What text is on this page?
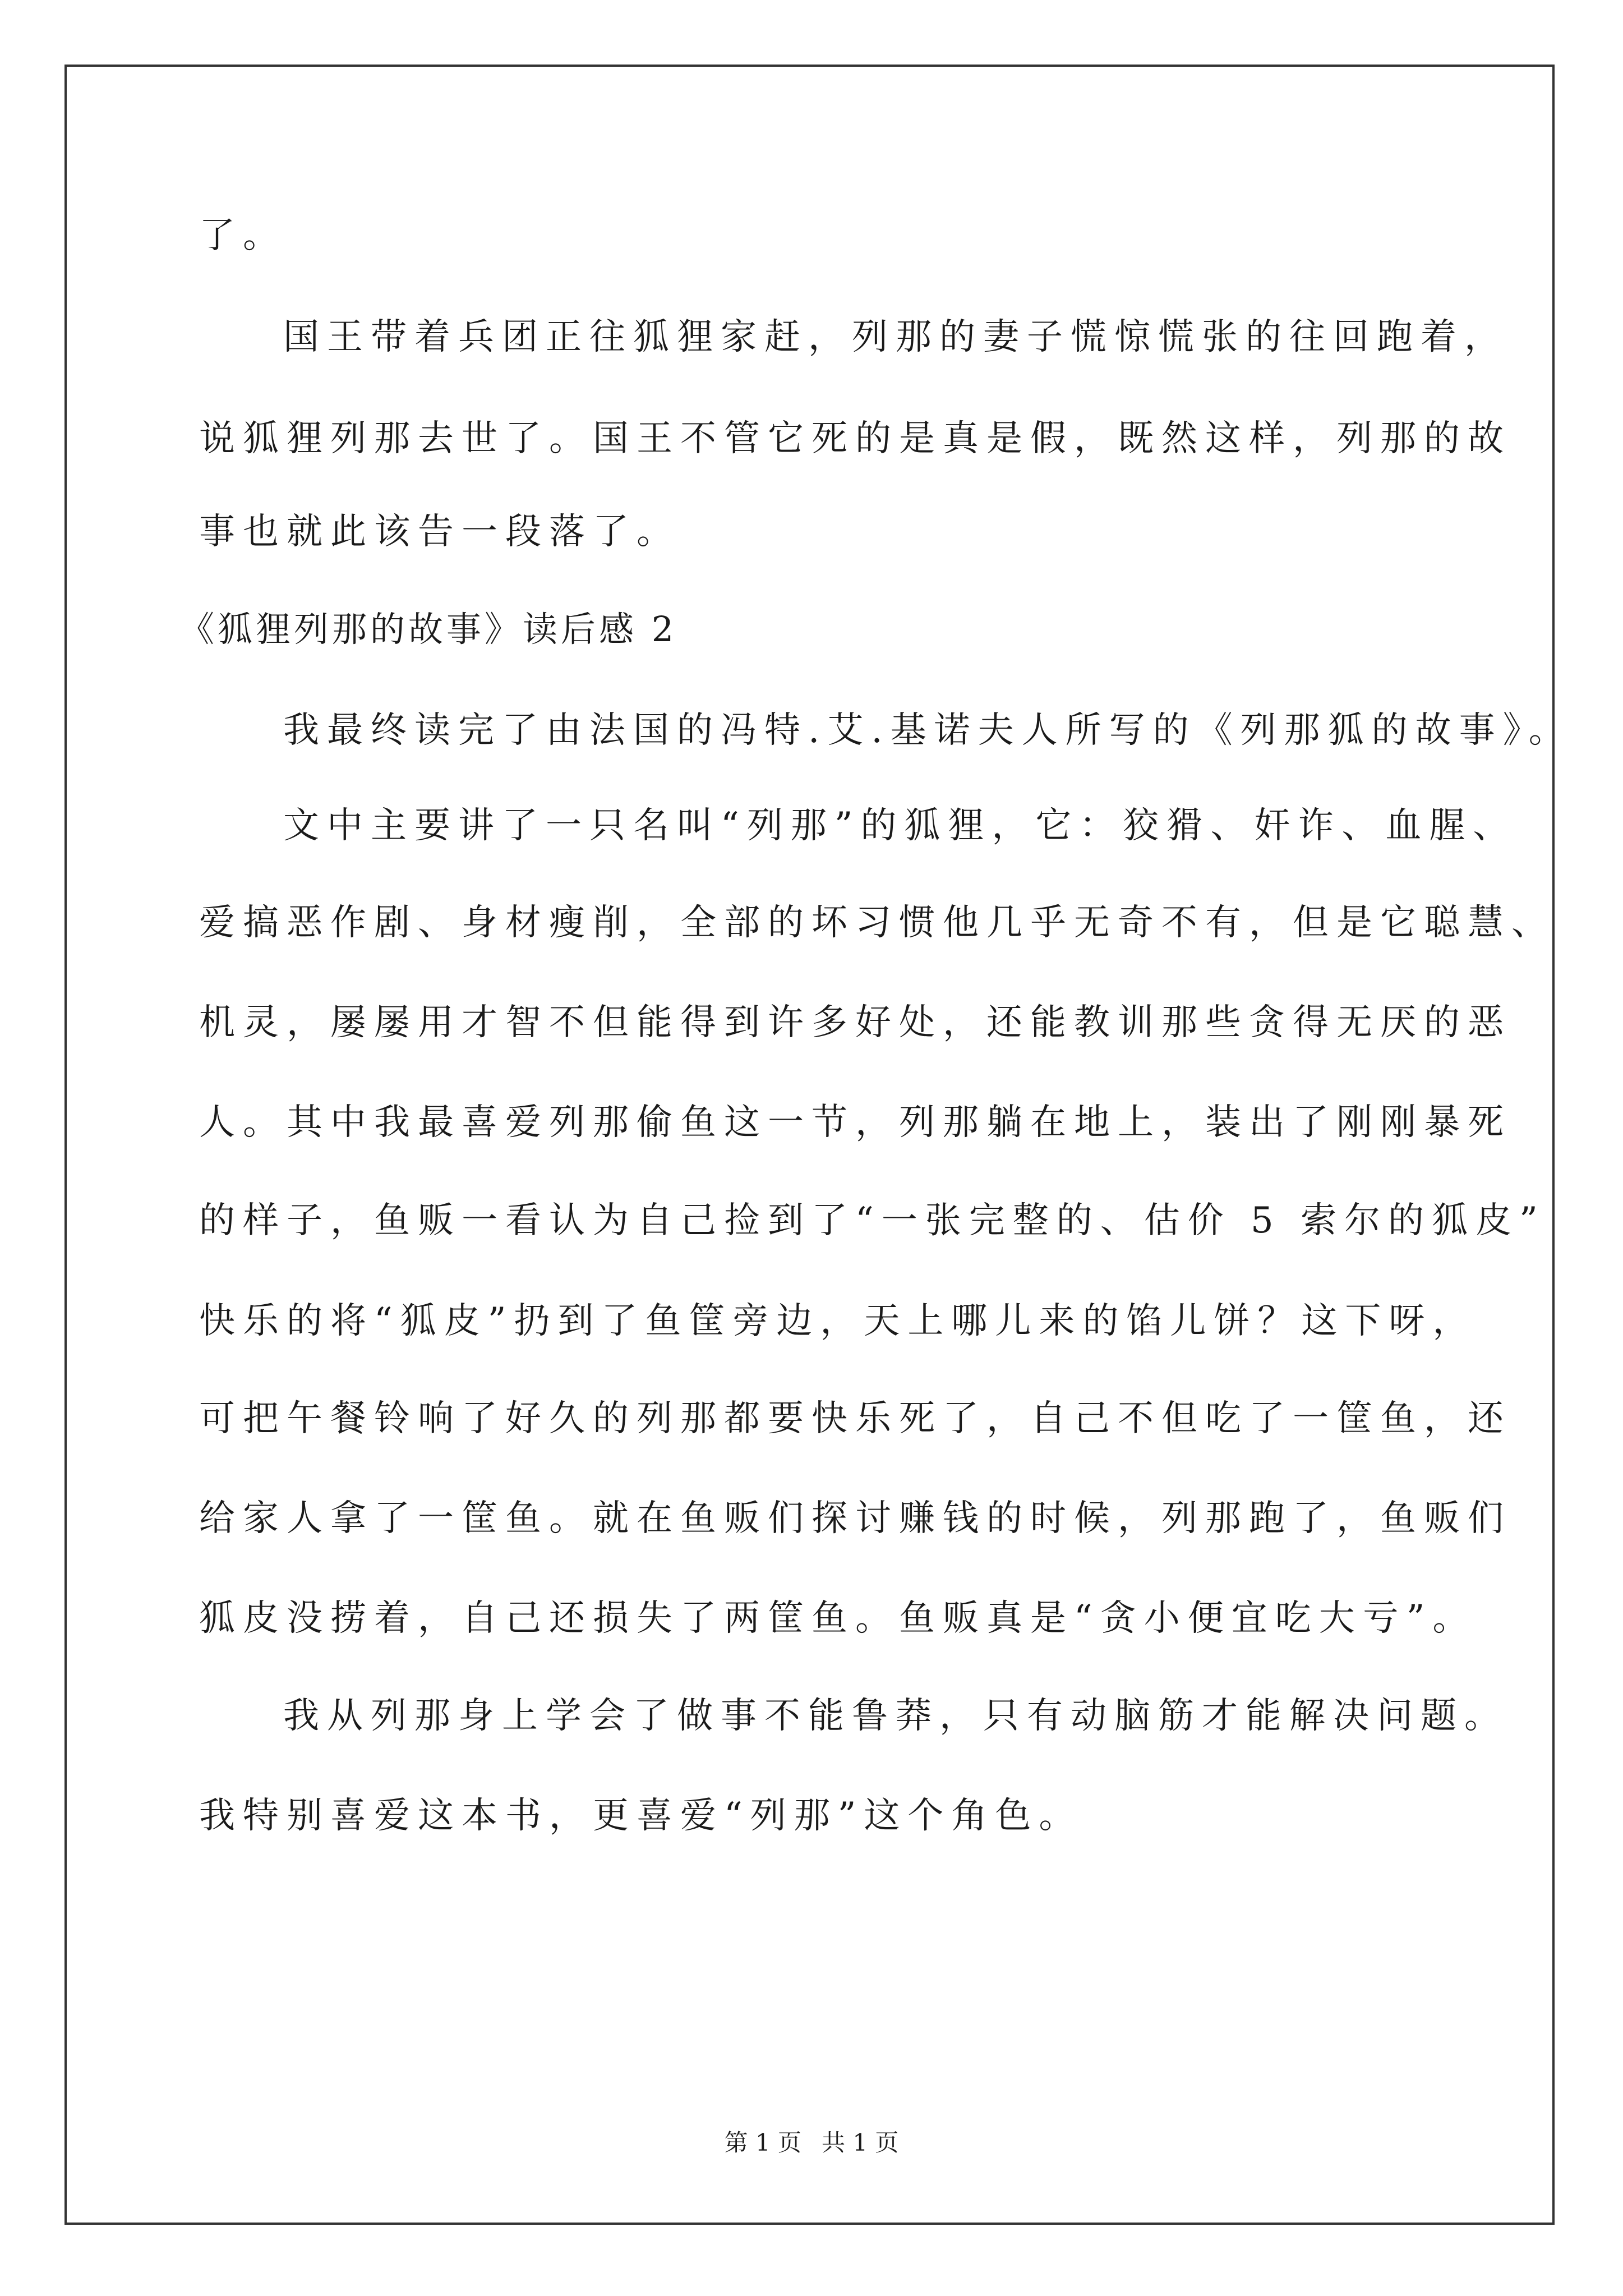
了。

国王带着兵团正往狐狸家赶，列那的妻子慌惊慌张的往回跑着，

说狐狸列那去世了。国王不管它死的是真是假，既然这样，列那的故

事也就此该告一段落了。

《狐狸列那的故事》读后感 2

我最终读完了由法国的冯特.艾.基诺夫人所写的《列那狐的故事》。

文中主要讲了一只名叫“列那”的狐狸，它：狡猾、奸诈、血腥、

爱搞恶作剧、身材瘦削，全部的坏习惯他几乎无奇不有，但是它聪慧、

机灵，屡屡用才智不但能得到许多好处，还能教训那些贪得无厌的恶

人。其中我最喜爱列那偷鱼这一节，列那躺在地上，装出了刚刚暴死

的样子，鱼贩一看认为自己捡到了“一张完整的、估价 5 索尔的狐皮”

快乐的将“狐皮”扔到了鱼筐旁边，天上哪儿来的馅儿饼？这下呀，

可把午餐铃响了好久的列那都要快乐死了，自己不但吃了一筐鱼，还

给家人拿了一筐鱼。就在鱼贩们探讨赚钱的时候，列那跑了，鱼贩们

狐皮没捞着，自己还损失了两筐鱼。鱼贩真是“贪小便宜吃大亏”。

我从列那身上学会了做事不能鲁莽，只有动脑筋才能解决问题。

我特别喜爱这本书，更喜爱“列那”这个角色。

第 1 页 共 1 页
